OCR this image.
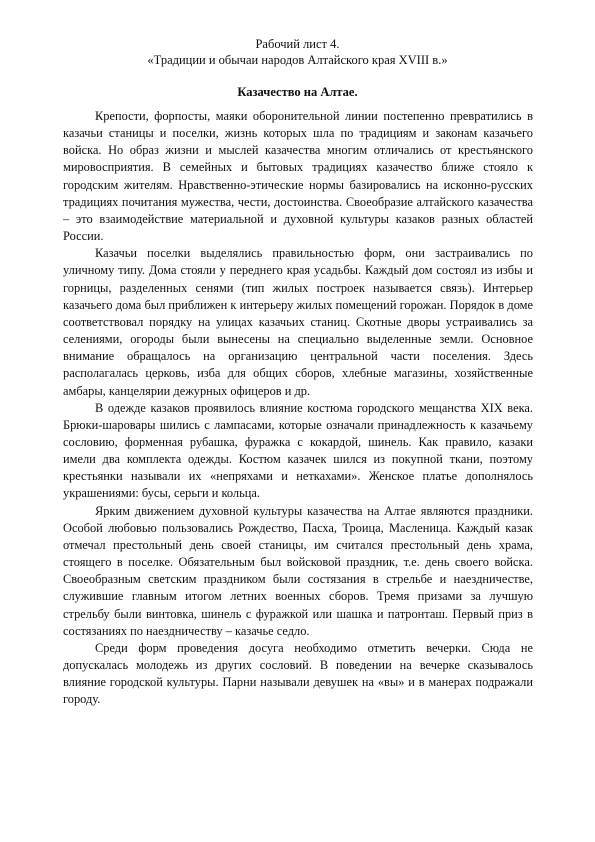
Рабочий лист 4.
«Традиции и обычаи народов Алтайского края XVIII в.»
Казачество на Алтае.

Крепости, форпосты, маяки оборонительной линии постепенно превратились в казачьи станицы и поселки, жизнь которых шла по традициям и законам казачьего войска. Но образ жизни и мыслей казачества многим отличались от крестьянского мировосприятия. В семейных и бытовых традициях казачество ближе стояло к городским жителям. Нравственно-этические нормы базировались на исконно-русских традициях почитания мужества, чести, достоинства. Своеобразие алтайского казачества – это взаимодействие материальной и духовной культуры казаков разных областей России.

Казачьи поселки выделялись правильностью форм, они застраивались по уличному типу. Дома стояли у переднего края усадьбы. Каждый дом состоял из избы и горницы, разделенных сенями (тип жилых построек называется связь). Интерьер казачьего дома был приближен к интерьеру жилых помещений горожан. Порядок в доме соответствовал порядку на улицах казачьих станиц. Скотные дворы устраивались за селениями, огороды были вынесены на специально выделенные земли. Основное внимание обращалось на организацию центральной части поселения. Здесь располагалась церковь, изба для общих сборов, хлебные магазины, хозяйственные амбары, канцелярии дежурных офицеров и др.

В одежде казаков проявилось влияние костюма городского мещанства XIX века. Брюки-шаровары шились с лампасами, которые означали принадлежность к казачьему сословию, форменная рубашка, фуражка с кокардой, шинель. Как правило, казаки имели два комплекта одежды. Костюм казачек шился из покупной ткани, поэтому крестьянки называли их «непряхами и неткахами». Женское платье дополнялось украшениями: бусы, серьги и кольца.

Ярким движением духовной культуры казачества на Алтае являются праздники. Особой любовью пользовались Рождество, Пасха, Троица, Масленица. Каждый казак отмечал престольный день своей станицы, им считался престольный день храма, стоящего в поселке. Обязательным был войсковой праздник, т.е. день своего войска. Своеобразным светским праздником были состязания в стрельбе и наездничестве, служившие главным итогом летних военных сборов. Тремя призами за лучшую стрельбу были винтовка, шинель с фуражкой или шашка и патронташ. Первый приз в состязаниях по наездничеству – казачье седло.

Среди форм проведения досуга необходимо отметить вечерки. Сюда не допускалась молодежь из других сословий. В поведении на вечерке сказывалось влияние городской культуры. Парни называли девушек на «вы» и в манерах подражали городу.
